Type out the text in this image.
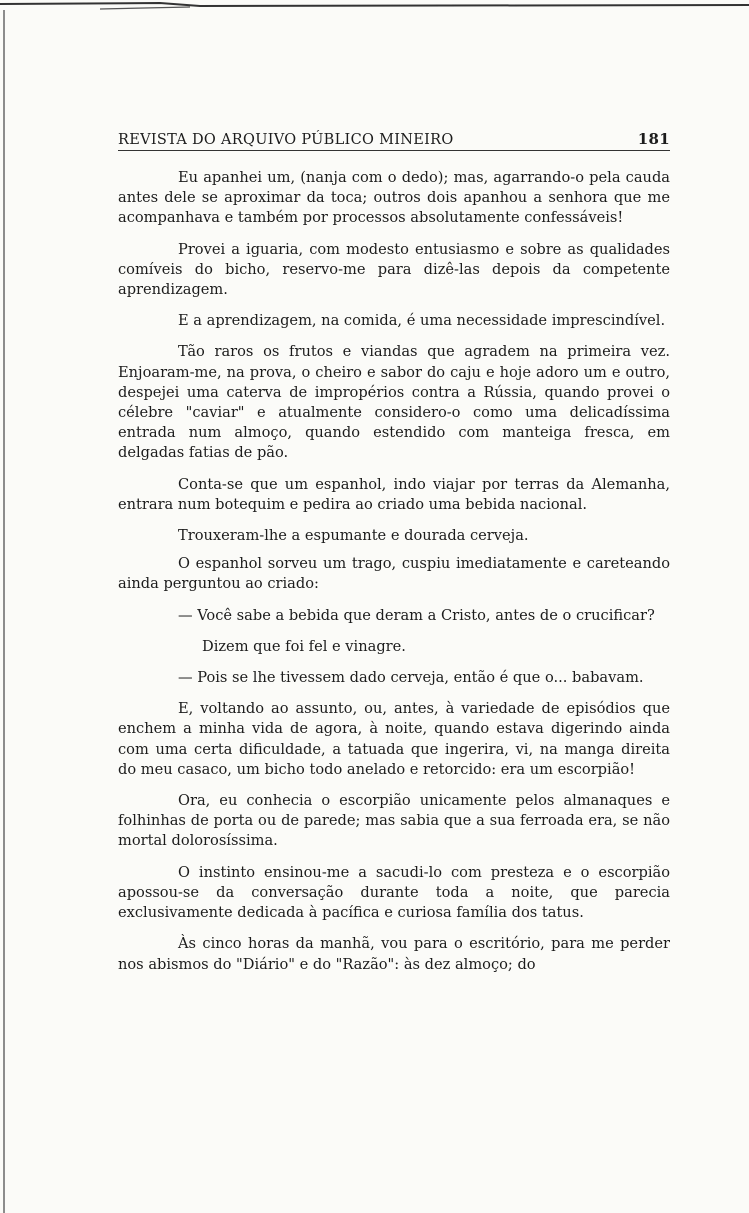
REVISTA DO ARQUIVO PÚBLICO MINEIRO	181

Eu apanhei um, (nanja com o dedo); mas, agarrando-o pela cauda antes dele se aproximar da toca; outros dois apanhou a senhora que me acompanhava e também por processos absolutamente confessáveis!

Provei a iguaria, com modesto entusiasmo e sobre as qualidades comíveis do bicho, reservo-me para dizê-las depois da competente aprendizagem.

E a aprendizagem, na comida, é uma necessidade imprescindível.

Tão raros os frutos e viandas que agradem na primeira vez. Enjoaram-me, na prova, o cheiro e sabor do caju e hoje adoro um e outro, despejei uma caterva de impropérios contra a Rússia, quando provei o célebre "caviar" e atualmente considero-o como uma delicadíssima entrada num almoço, quando estendido com manteiga fresca, em delgadas fatias de pão.

Conta-se que um espanhol, indo viajar por terras da Alemanha, entrara num botequim e pedira ao criado uma bebida nacional.

Trouxeram-lhe a espumante e dourada cerveja.

O espanhol sorveu um trago, cuspiu imediatamente e careteando ainda perguntou ao criado:

— Você sabe a bebida que deram a Cristo, antes de o crucificar?

Dizem que foi fel e vinagre.

— Pois se lhe tivessem dado cerveja, então é que o... babavam.

E, voltando ao assunto, ou, antes, à variedade de episódios que enchem a minha vida de agora, à noite, quando estava digerindo ainda com uma certa dificuldade, a tatuada que ingerira, vi, na manga direita do meu casaco, um bicho todo anelado e retorcido: era um escorpião!

Ora, eu conhecia o escorpião unicamente pelos almanaques e folhinhas de porta ou de parede; mas sabia que a sua ferroada era, se não mortal dolorosíssima.

O instinto ensinou-me a sacudi-lo com presteza e o escorpião apossou-se da conversação durante toda a noite, que parecia exclusivamente dedicada à pacífica e curiosa família dos tatus.

Às cinco horas da manhã, vou para o escritório, para me perder nos abismos do "Diário" e do "Razão": às dez almoço; do
